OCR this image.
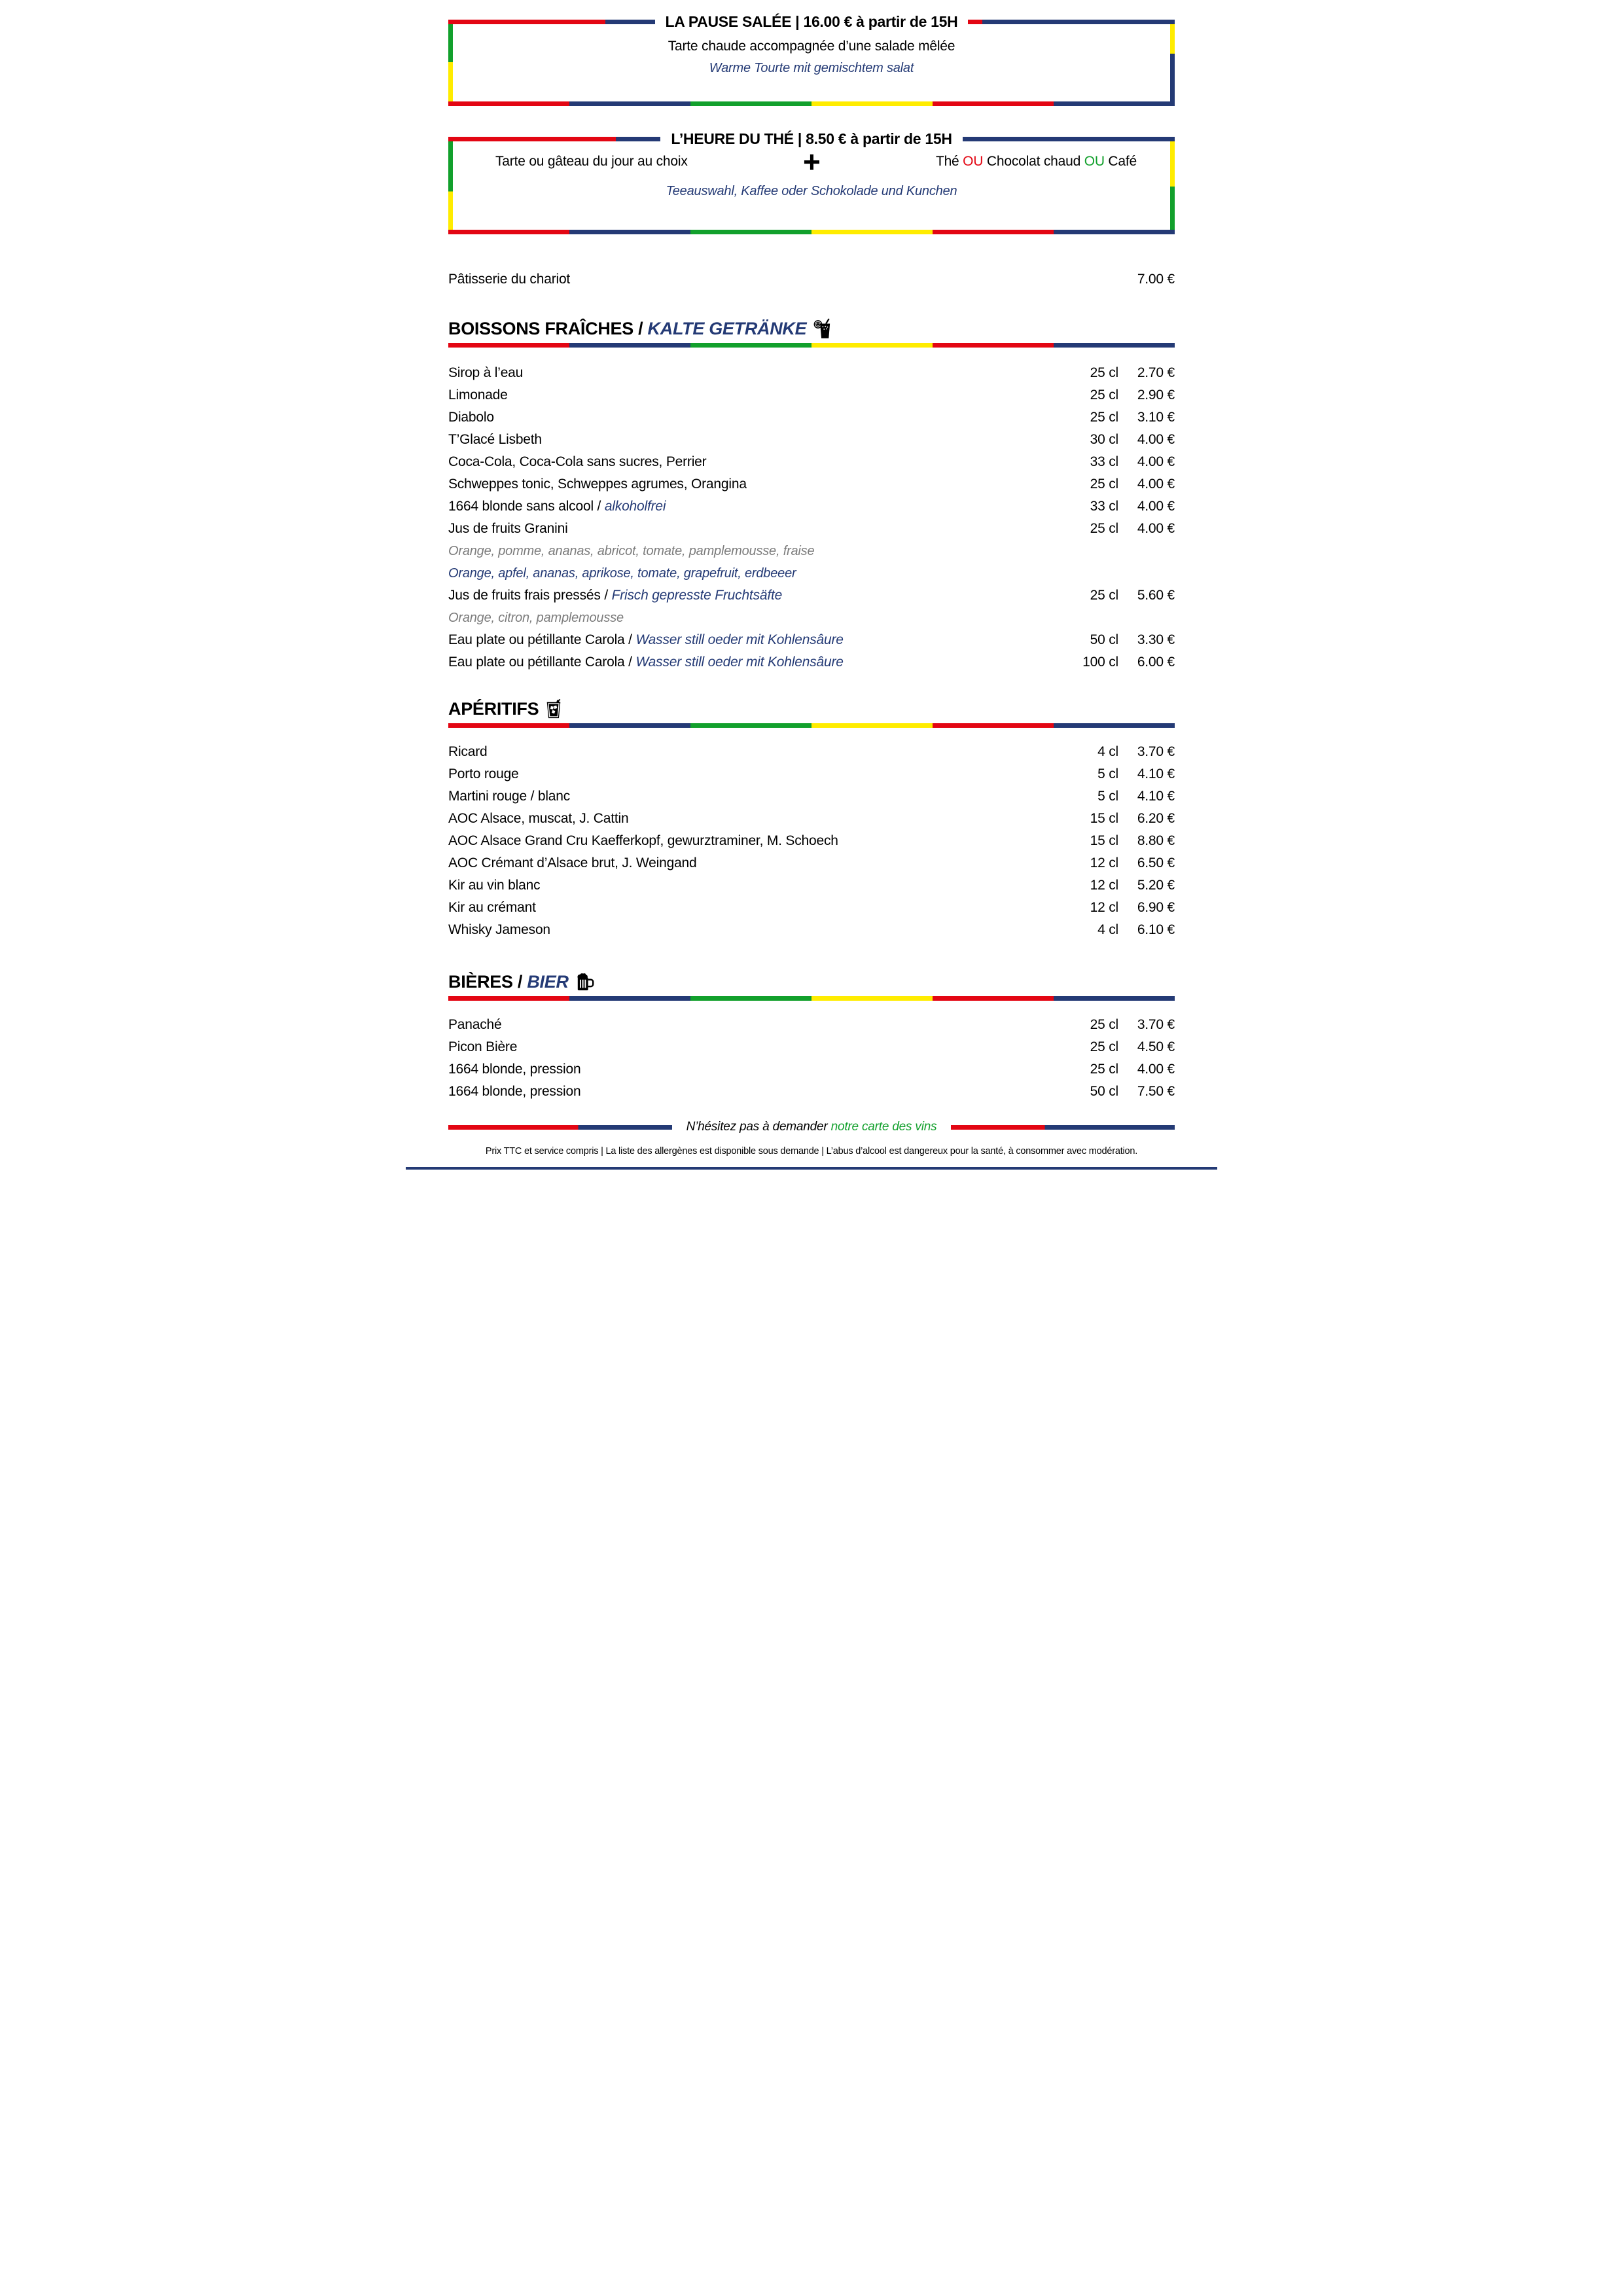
LA PAUSE SALÉE | 16.00 € à partir de 15H
Tarte chaude accompagnée d’une salade mêlée
Warme Tourte mit gemischtem salat
L’HEURE DU THÉ | 8.50 € à partir de 15H
Tarte ou gâteau du jour au choix	+	Thé OU Chocolat chaud OU Café
Teeauswahl, Kaffee oder Schokolade und Kunchen
Pâtisserie du chariot	7.00 €
BOISSONS FRAÎCHES / KALTE GETRÄNKE
Sirop à l’eau	25 cl	2.70 €
Limonade	25 cl	2.90 €
Diabolo	25 cl	3.10 €
T’Glacé Lisbeth	30 cl	4.00 €
Coca-Cola, Coca-Cola sans sucres, Perrier	33 cl	4.00 €
Schweppes tonic, Schweppes agrumes, Orangina	25 cl	4.00 €
1664 blonde sans alcool / alkoholfrei	33 cl	4.00 €
Jus de fruits Granini	25 cl	4.00 €
Orange, pomme, ananas, abricot, tomate, pamplemousse, fraise
Orange, apfel, ananas, aprikose, tomate, grapefruit, erdbeeer
Jus de fruits frais pressés / Frisch gepresste Fruchtsäfte	25 cl	5.60 €
Orange, citron, pamplemousse
Eau plate ou pétillante Carola / Wasser still oeder mit Kohlensâure	50 cl	3.30 €
Eau plate ou pétillante Carola / Wasser still oeder mit Kohlensâure	100 cl	6.00 €
APÉRITIFS
Ricard	4 cl	3.70 €
Porto rouge	5 cl	4.10 €
Martini rouge / blanc	5 cl	4.10 €
AOC Alsace, muscat, J. Cattin	15 cl	6.20 €
AOC Alsace Grand Cru Kaefferkopf, gewurztraminer, M. Schoech	15 cl	8.80 €
AOC Crémant d’Alsace brut, J. Weingand	12 cl	6.50 €
Kir au vin blanc	12 cl	5.20 €
Kir au crémant	12 cl	6.90 €
Whisky Jameson	4 cl	6.10 €
BIÈRES / BIER
Panaché	25 cl	3.70 €
Picon Bière	25 cl	4.50 €
1664 blonde, pression	25 cl	4.00 €
1664 blonde, pression	50 cl	7.50 €
N’hésitez pas à demander notre carte des vins
Prix TTC et service compris | La liste des allergènes est disponible sous demande | L’abus d’alcool est dangereux pour la santé, à consommer avec modération.
